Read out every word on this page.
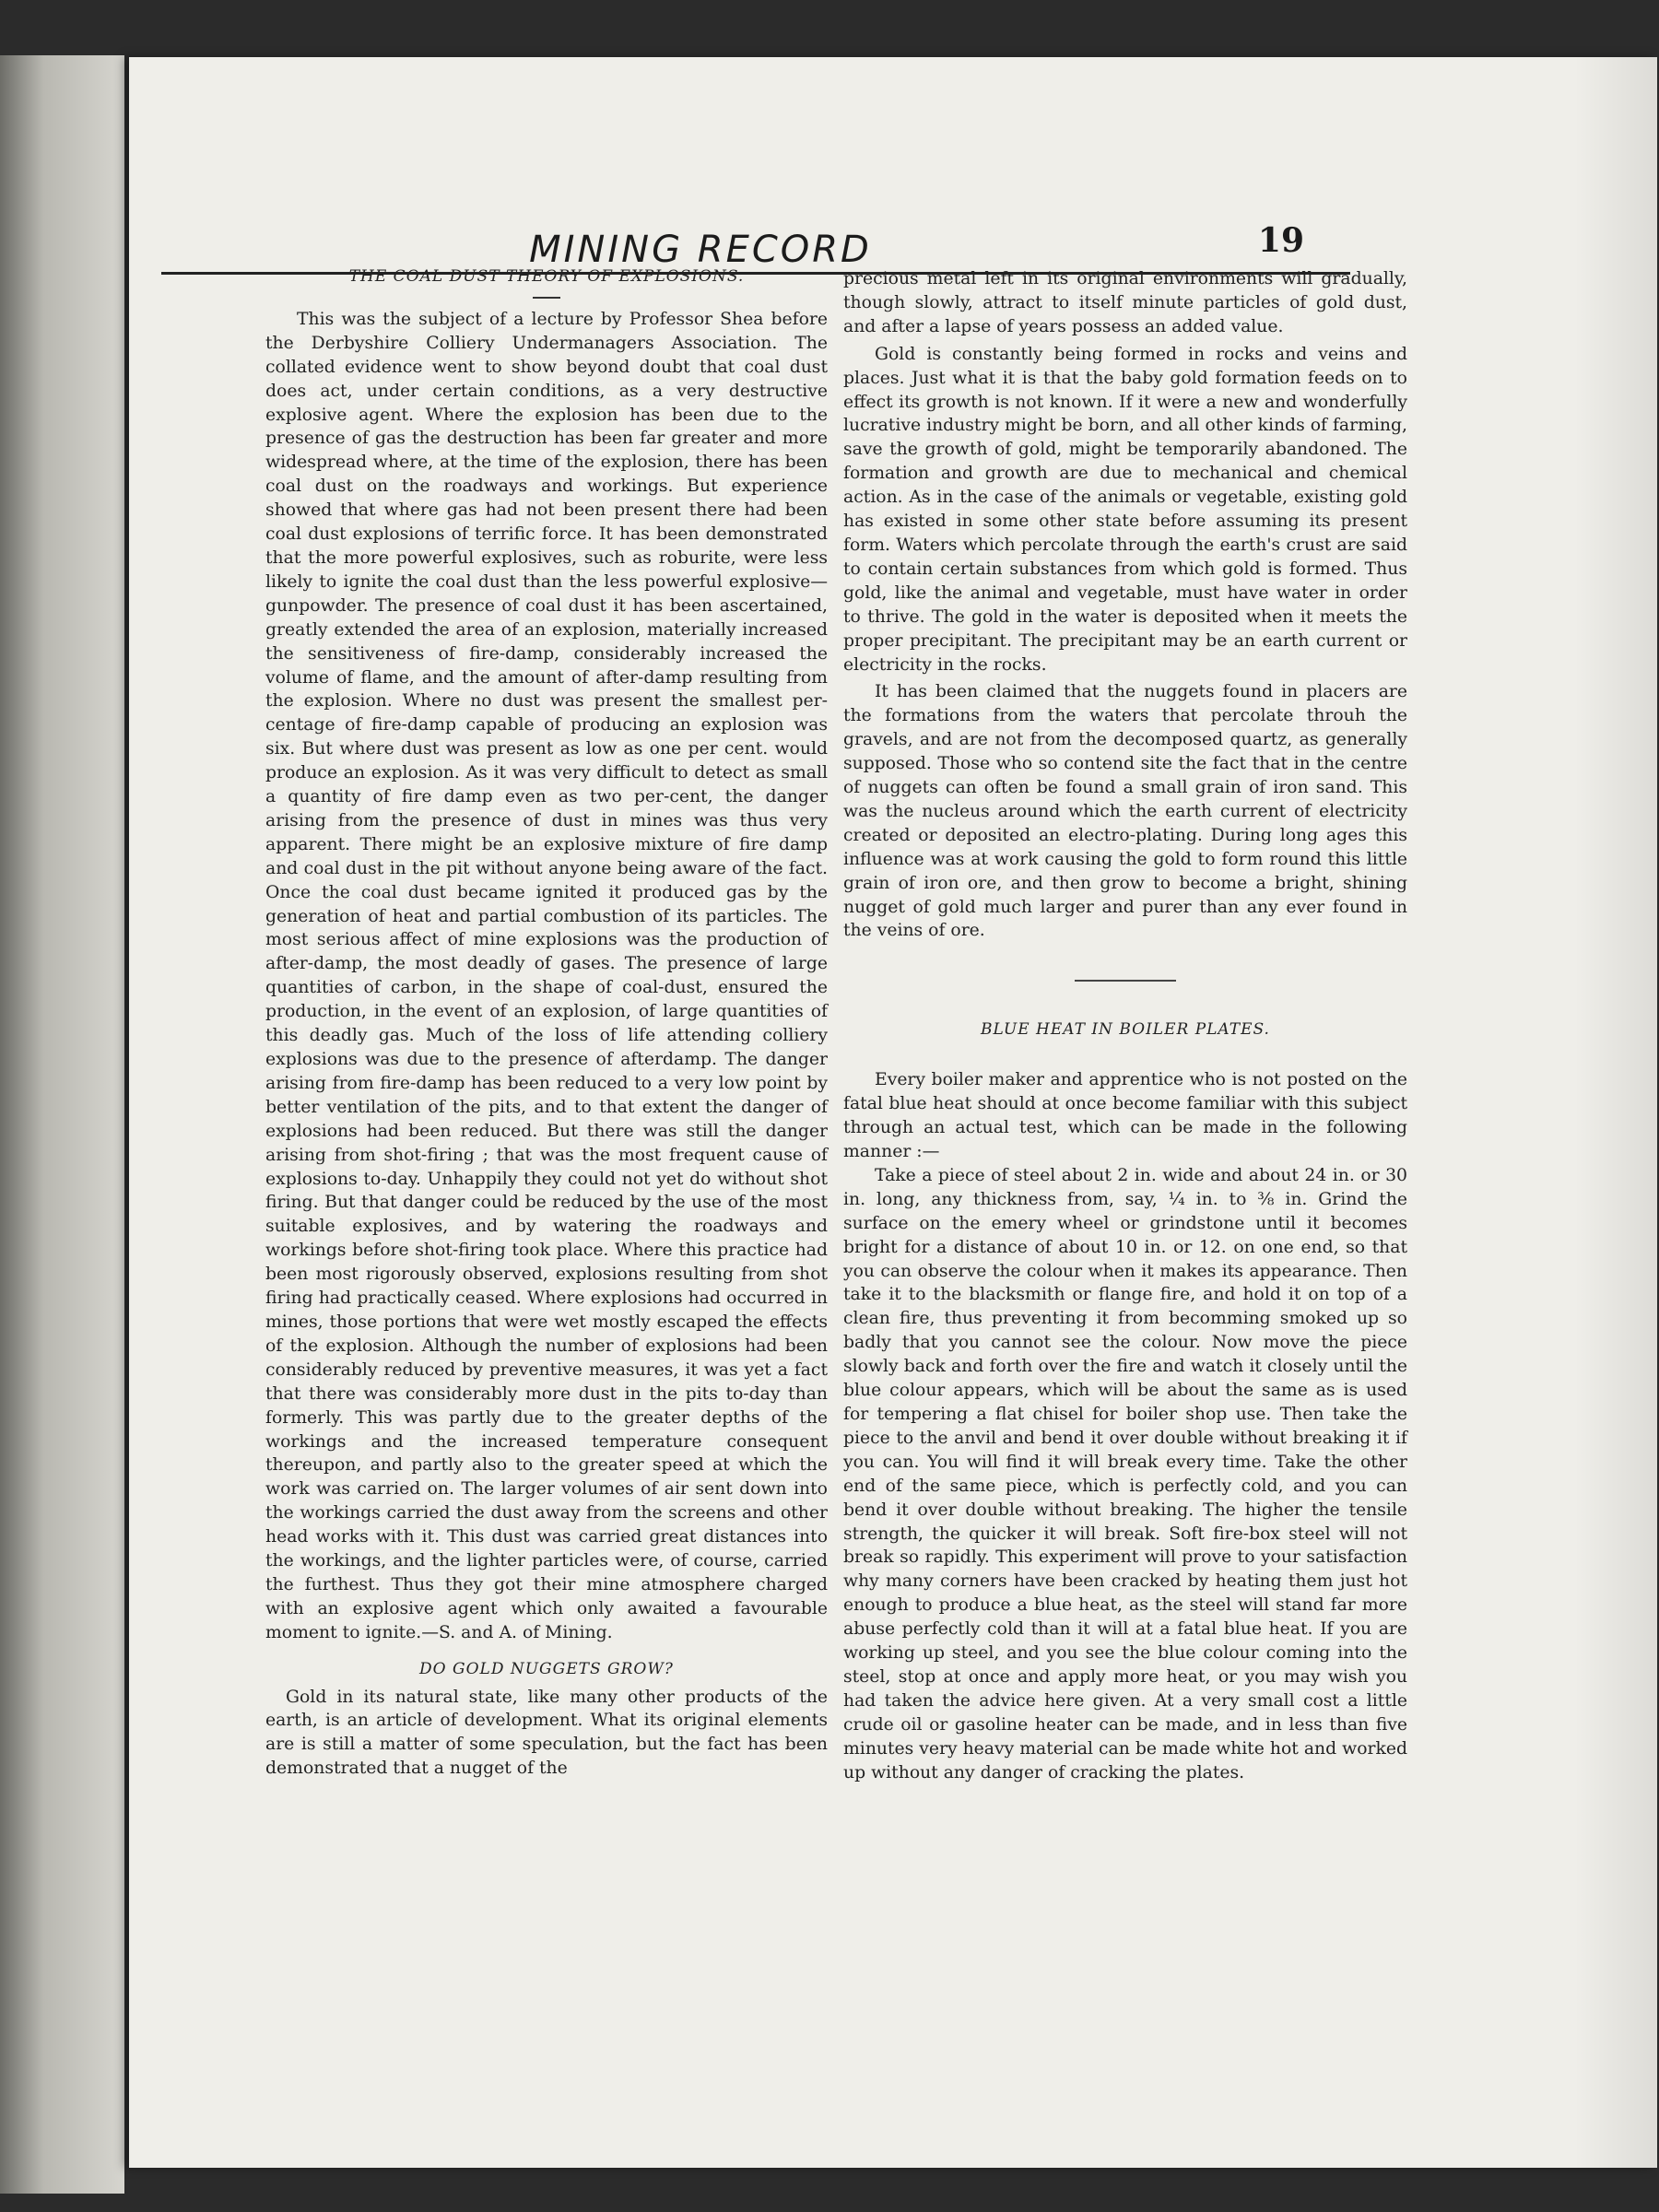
MINING RECORD	19

THE COAL DUST THEORY OF EXPLOSIONS.

This was the subject of a lecture by Professor Shea before the Derbyshire Colliery Undermanagers Association. The collated evidence went to show beyond doubt that coal dust does act, under certain conditions, as a very destructive explosive agent. Where the explosion has been due to the presence of gas the destruction has been far greater and more widespread where, at the time of the explosion, there has been coal dust on the roadways and workings. But experience showed that where gas had not been present there had been coal dust explosions of terrific force. It has been demonstrated that the more powerful explosives, such as roburite, were less likely to ignite the coal dust than the less powerful explosive—gunpowder. The presence of coal dust it has been ascertained, greatly extended the area of an explosion, materially increased the sensitiveness of fire-damp, considerably increased the volume of flame, and the amount of after-damp resulting from the explosion. Where no dust was present the smallest per-centage of fire-damp capable of producing an explosion was six. But where dust was present as low as one per cent. would produce an explosion. As it was very difficult to detect as small a quantity of fire damp even as two per-cent, the danger arising from the presence of dust in mines was thus very apparent. There might be an explosive mixture of fire damp and coal dust in the pit without anyone being aware of the fact. Once the coal dust became ignited it produced gas by the generation of heat and partial combustion of its particles. The most serious affect of mine explosions was the production of after-damp, the most deadly of gases. The presence of large quantities of carbon, in the shape of coal-dust, ensured the production, in the event of an explosion, of large quantities of this deadly gas. Much of the loss of life attending colliery explosions was due to the presence of afterdamp. The danger arising from fire-damp has been reduced to a very low point by better ventilation of the pits, and to that extent the danger of explosions had been reduced. But there was still the danger arising from shot-firing ; that was the most frequent cause of explosions to-day. Unhappily they could not yet do without shot firing. But that danger could be reduced by the use of the most suitable explosives, and by watering the roadways and workings before shot-firing took place. Where this practice had been most rigorously observed, explosions resulting from shot firing had practically ceased. Where explosions had occurred in mines, those portions that were wet mostly escaped the effects of the explosion. Although the number of explosions had been considerably reduced by preventive measures, it was yet a fact that there was considerably more dust in the pits to-day than formerly. This was partly due to the greater depths of the workings and the increased temperature consequent thereupon, and partly also to the greater speed at which the work was carried on. The larger volumes of air sent down into the workings carried the dust away from the screens and other head works with it. This dust was carried great distances into the workings, and the lighter particles were, of course, carried the furthest. Thus they got their mine atmosphere charged with an explosive agent which only awaited a favourable moment to ignite.—S. and A. of Mining.

DO GOLD NUGGETS GROW?

Gold in its natural state, like many other products of the earth, is an article of development. What its original elements are is still a matter of some speculation, but the fact has been demonstrated that a nugget of the

precious metal left in its original environments will gradually, though slowly, attract to itself minute particles of gold dust, and after a lapse of years possess an added value.

Gold is constantly being formed in rocks and veins and places. Just what it is that the baby gold formation feeds on to effect its growth is not known. If it were a new and wonderfully lucrative industry might be born, and all other kinds of farming, save the growth of gold, might be temporarily abandoned. The formation and growth are due to mechanical and chemical action. As in the case of the animals or vegetable, existing gold has existed in some other state before assuming its present form. Waters which percolate through the earth's crust are said to contain certain substances from which gold is formed. Thus gold, like the animal and vegetable, must have water in order to thrive. The gold in the water is deposited when it meets the proper precipitant. The precipitant may be an earth current or electricity in the rocks.

It has been claimed that the nuggets found in placers are the formations from the waters that percolate throuh the gravels, and are not from the decomposed quartz, as generally supposed. Those who so contend site the fact that in the centre of nuggets can often be found a small grain of iron sand. This was the nucleus around which the earth current of electricity created or deposited an electro-plating. During long ages this influence was at work causing the gold to form round this little grain of iron ore, and then grow to become a bright, shining nugget of gold much larger and purer than any ever found in the veins of ore.

BLUE HEAT IN BOILER PLATES.

Every boiler maker and apprentice who is not posted on the fatal blue heat should at once become familiar with this subject through an actual test, which can be made in the following manner :—

Take a piece of steel about 2 in. wide and about 24 in. or 30 in. long, any thickness from, say, ¼ in. to ⅜ in. Grind the surface on the emery wheel or grindstone until it becomes bright for a distance of about 10 in. or 12. on one end, so that you can observe the colour when it makes its appearance. Then take it to the blacksmith or flange fire, and hold it on top of a clean fire, thus preventing it from becomming smoked up so badly that you cannot see the colour. Now move the piece slowly back and forth over the fire and watch it closely until the blue colour appears, which will be about the same as is used for tempering a flat chisel for boiler shop use. Then take the piece to the anvil and bend it over double without breaking it if you can. You will find it will break every time. Take the other end of the same piece, which is perfectly cold, and you can bend it over double without breaking. The higher the tensile strength, the quicker it will break. Soft fire-box steel will not break so rapidly. This experiment will prove to your satisfaction why many corners have been cracked by heating them just hot enough to produce a blue heat, as the steel will stand far more abuse perfectly cold than it will at a fatal blue heat. If you are working up steel, and you see the blue colour coming into the steel, stop at once and apply more heat, or you may wish you had taken the advice here given. At a very small cost a little crude oil or gasoline heater can be made, and in less than five minutes very heavy material can be made white hot and worked up without any danger of cracking the plates.
